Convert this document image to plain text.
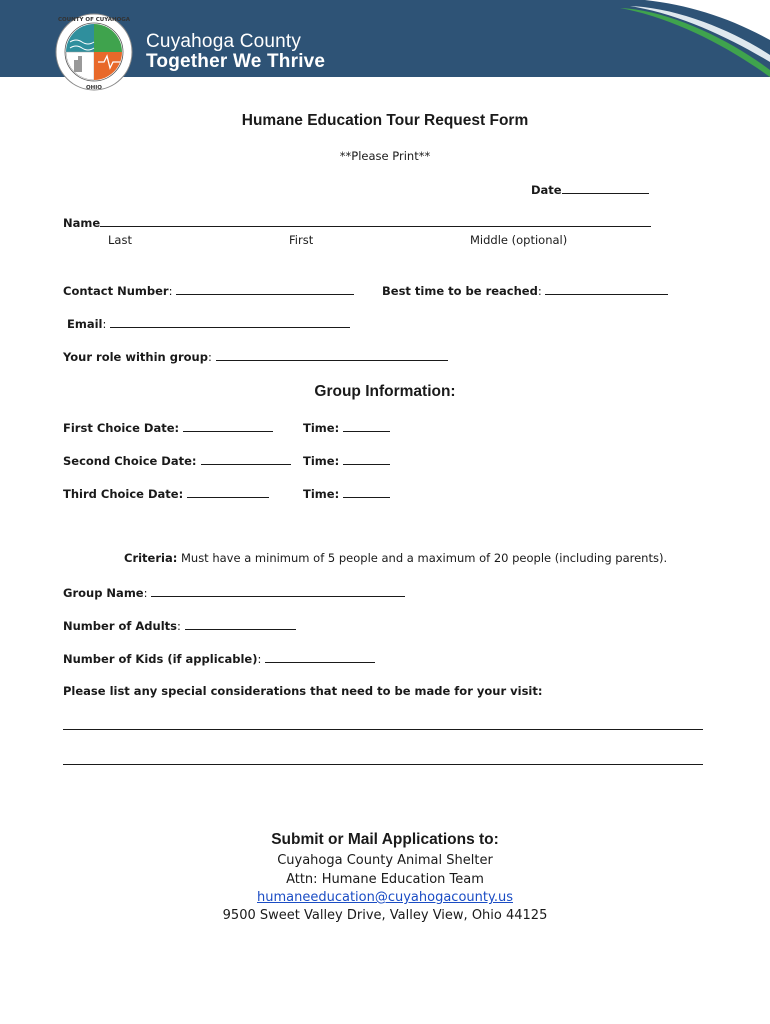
COUNTY OF CUYAHOGA
OHIO
Cuyahoga County
Together We Thrive
Humane Education Tour Request Form
**Please Print**
Date
Name
Last	First	Middle (optional)
Contact Number:	Best time to be reached:
Email:
Your role within group:
Group Information:
First Choice Date:	Time:
Second Choice Date:	Time:
Third Choice Date:	Time:
Criteria: Must have a minimum of 5 people and a maximum of 20 people (including parents).
Group Name:
Number of Adults:
Number of Kids (if applicable):
Please list any special considerations that need to be made for your visit:
Submit or Mail Applications to:
Cuyahoga County Animal Shelter
Attn: Humane Education Team
humaneeducation@cuyahogacounty.us
9500 Sweet Valley Drive, Valley View, Ohio 44125
